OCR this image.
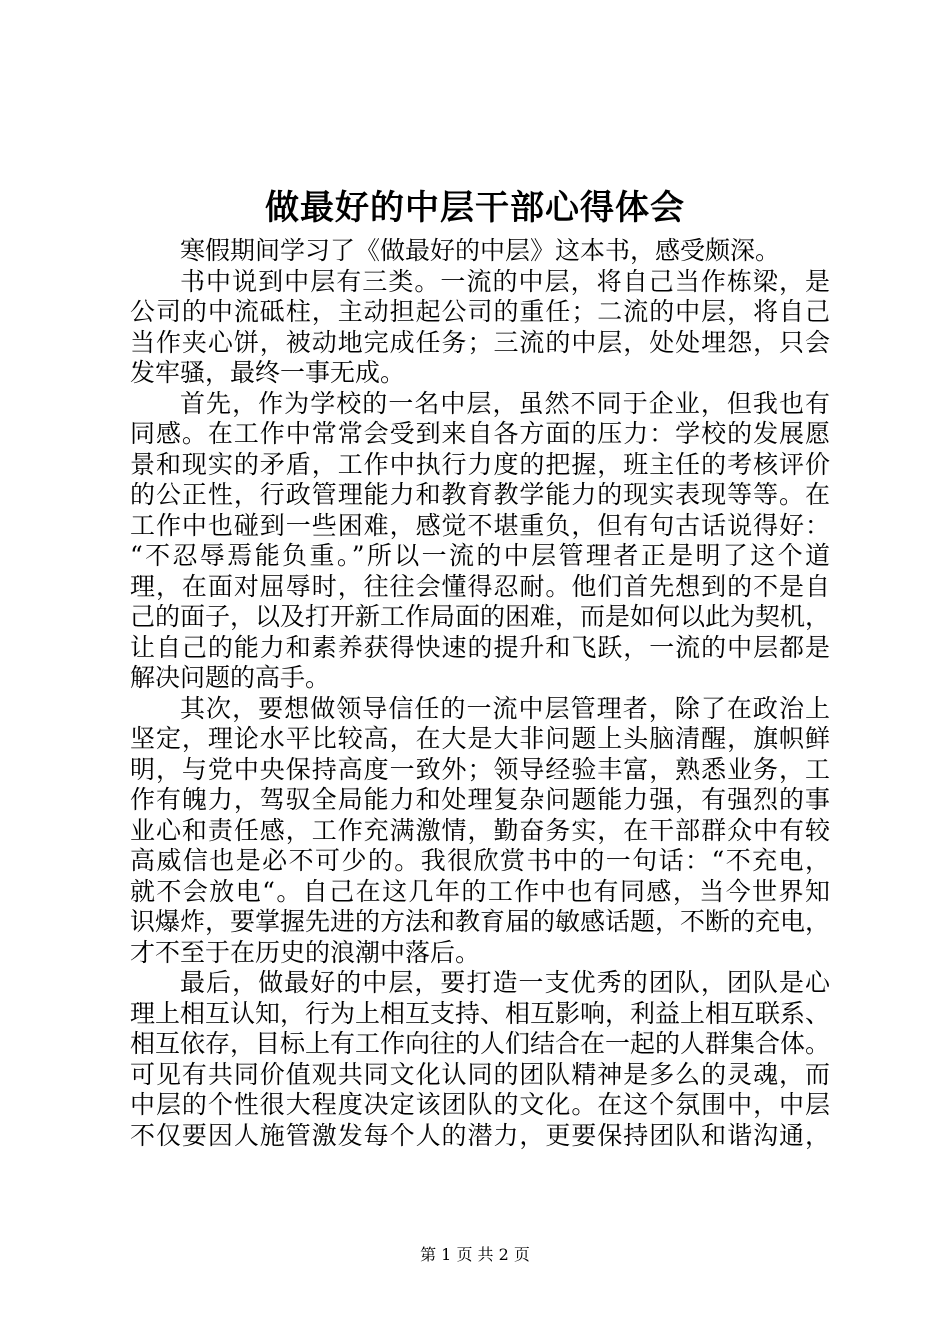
做最好的中层干部心得体会
寒假期间学习了《做最好的中层》这本书，感受颇深。
书中说到中层有三类。一流的中层，将自己当作栋梁，是
公司的中流砥柱，主动担起公司的重任；二流的中层，将自己
当作夹心饼，被动地完成任务；三流的中层，处处埋怨，只会
发牢骚，最终一事无成。
首先，作为学校的一名中层，虽然不同于企业，但我也有
同感。在工作中常常会受到来自各方面的压力：学校的发展愿
景和现实的矛盾，工作中执行力度的把握，班主任的考核评价
的公正性，行政管理能力和教育教学能力的现实表现等等。在
工作中也碰到一些困难，感觉不堪重负，但有句古话说得好：
“不忍辱焉能负重。”所以一流的中层管理者正是明了这个道
理，在面对屈辱时，往往会懂得忍耐。他们首先想到的不是自
己的面子，以及打开新工作局面的困难，而是如何以此为契机，
让自己的能力和素养获得快速的提升和飞跃，一流的中层都是
解决问题的高手。
其次，要想做领导信任的一流中层管理者，除了在政治上
坚定，理论水平比较高，在大是大非问题上头脑清醒，旗帜鲜
明，与党中央保持高度一致外；领导经验丰富，熟悉业务，工
作有魄力，驾驭全局能力和处理复杂问题能力强，有强烈的事
业心和责任感，工作充满激情，勤奋务实，在干部群众中有较
高威信也是必不可少的。我很欣赏书中的一句话：“不充电，
就不会放电“。自己在这几年的工作中也有同感，当今世界知
识爆炸，要掌握先进的方法和教育届的敏感话题，不断的充电，
才不至于在历史的浪潮中落后。
最后，做最好的中层，要打造一支优秀的团队，团队是心
理上相互认知，行为上相互支持、相互影响，利益上相互联系、
相互依存，目标上有工作向往的人们结合在一起的人群集合体。
可见有共同价值观共同文化认同的团队精神是多么的灵魂，而
中层的个性很大程度决定该团队的文化。在这个氛围中，中层
不仅要因人施管激发每个人的潜力，更要保持团队和谐沟通，
第 1 页 共 2 页
